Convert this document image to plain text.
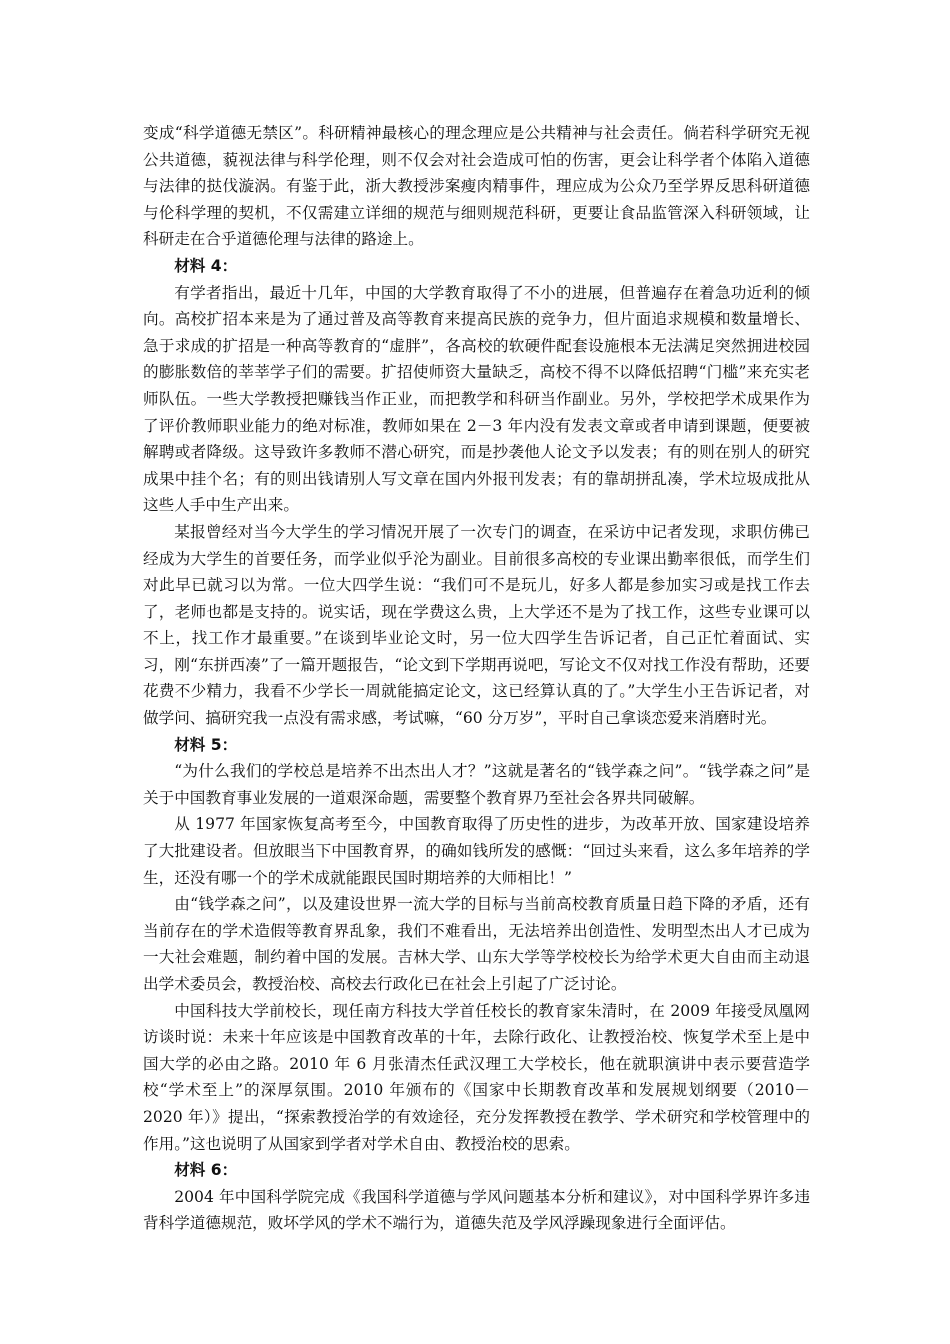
变成“科学道德无禁区”。科研精神最核心的理念理应是公共精神与社会责任。倘若科学研究无视公共道德，藐视法律与科学伦理，则不仅会对社会造成可怕的伤害，更会让科学者个体陷入道德与法律的挞伐漩涡。有鉴于此，浙大教授涉案瘦肉精事件，理应成为公众乃至学界反思科研道德与伦科学理的契机，不仅需建立详细的规范与细则规范科研，更要让食品监管深入科研领域，让科研走在合乎道德伦理与法律的路途上。

材料 4：

有学者指出，最近十几年，中国的大学教育取得了不小的进展，但普遍存在着急功近利的倾向。高校扩招本来是为了通过普及高等教育来提高民族的竞争力，但片面追求规模和数量增长、急于求成的扩招是一种高等教育的“虚胖”，各高校的软硬件配套设施根本无法满足突然拥进校园的膨胀数倍的莘莘学子们的需要。扩招使师资大量缺乏，高校不得不以降低招聘“门槛”来充实老师队伍。一些大学教授把赚钱当作正业，而把教学和科研当作副业。另外，学校把学术成果作为了评价教师职业能力的绝对标准，教师如果在 2－3 年内没有发表文章或者申请到课题，便要被解聘或者降级。这导致许多教师不潜心研究，而是抄袭他人论文予以发表；有的则在别人的研究成果中挂个名；有的则出钱请别人写文章在国内外报刊发表；有的靠胡拼乱凑，学术垃圾成批从这些人手中生产出来。

某报曾经对当今大学生的学习情况开展了一次专门的调查，在采访中记者发现，求职仿佛已经成为大学生的首要任务，而学业似乎沦为副业。目前很多高校的专业课出勤率很低，而学生们对此早已就习以为常。一位大四学生说：“我们可不是玩儿，好多人都是参加实习或是找工作去了，老师也都是支持的。说实话，现在学费这么贵，上大学还不是为了找工作，这些专业课可以不上，找工作才最重要。”在谈到毕业论文时，另一位大四学生告诉记者，自己正忙着面试、实习，刚“东拼西凑”了一篇开题报告，“论文到下学期再说吧，写论文不仅对找工作没有帮助，还要花费不少精力，我看不少学长一周就能搞定论文，这已经算认真的了。”大学生小王告诉记者，对做学问、搞研究我一点没有需求感，考试嘛，“60 分万岁”，平时自己拿谈恋爱来消磨时光。

材料 5：

“为什么我们的学校总是培养不出杰出人才？”这就是著名的“钱学森之问”。“钱学森之问”是关于中国教育事业发展的一道艰深命题，需要整个教育界乃至社会各界共同破解。

从 1977 年国家恢复高考至今，中国教育取得了历史性的进步，为改革开放、国家建设培养了大批建设者。但放眼当下中国教育界，的确如钱所发的感慨：“回过头来看，这么多年培养的学生，还没有哪一个的学术成就能跟民国时期培养的大师相比！”

由“钱学森之问”，以及建设世界一流大学的目标与当前高校教育质量日趋下降的矛盾，还有当前存在的学术造假等教育界乱象，我们不难看出，无法培养出创造性、发明型杰出人才已成为一大社会难题，制约着中国的发展。吉林大学、山东大学等学校校长为给学术更大自由而主动退出学术委员会，教授治校、高校去行政化已在社会上引起了广泛讨论。

中国科技大学前校长，现任南方科技大学首任校长的教育家朱清时，在 2009 年接受凤凰网访谈时说：未来十年应该是中国教育改革的十年，去除行政化、让教授治校、恢复学术至上是中国大学的必由之路。2010 年 6 月张清杰任武汉理工大学校长，他在就职演讲中表示要营造学校“学术至上”的深厚氛围。2010 年颁布的《国家中长期教育改革和发展规划纲要（2010－2020 年）》提出，“探索教授治学的有效途径，充分发挥教授在教学、学术研究和学校管理中的作用。”这也说明了从国家到学者对学术自由、教授治校的思索。

材料 6：

2004 年中国科学院完成《我国科学道德与学风问题基本分析和建议》，对中国科学界许多违背科学道德规范，败坏学风的学术不端行为，道德失范及学风浮躁现象进行全面评估。
